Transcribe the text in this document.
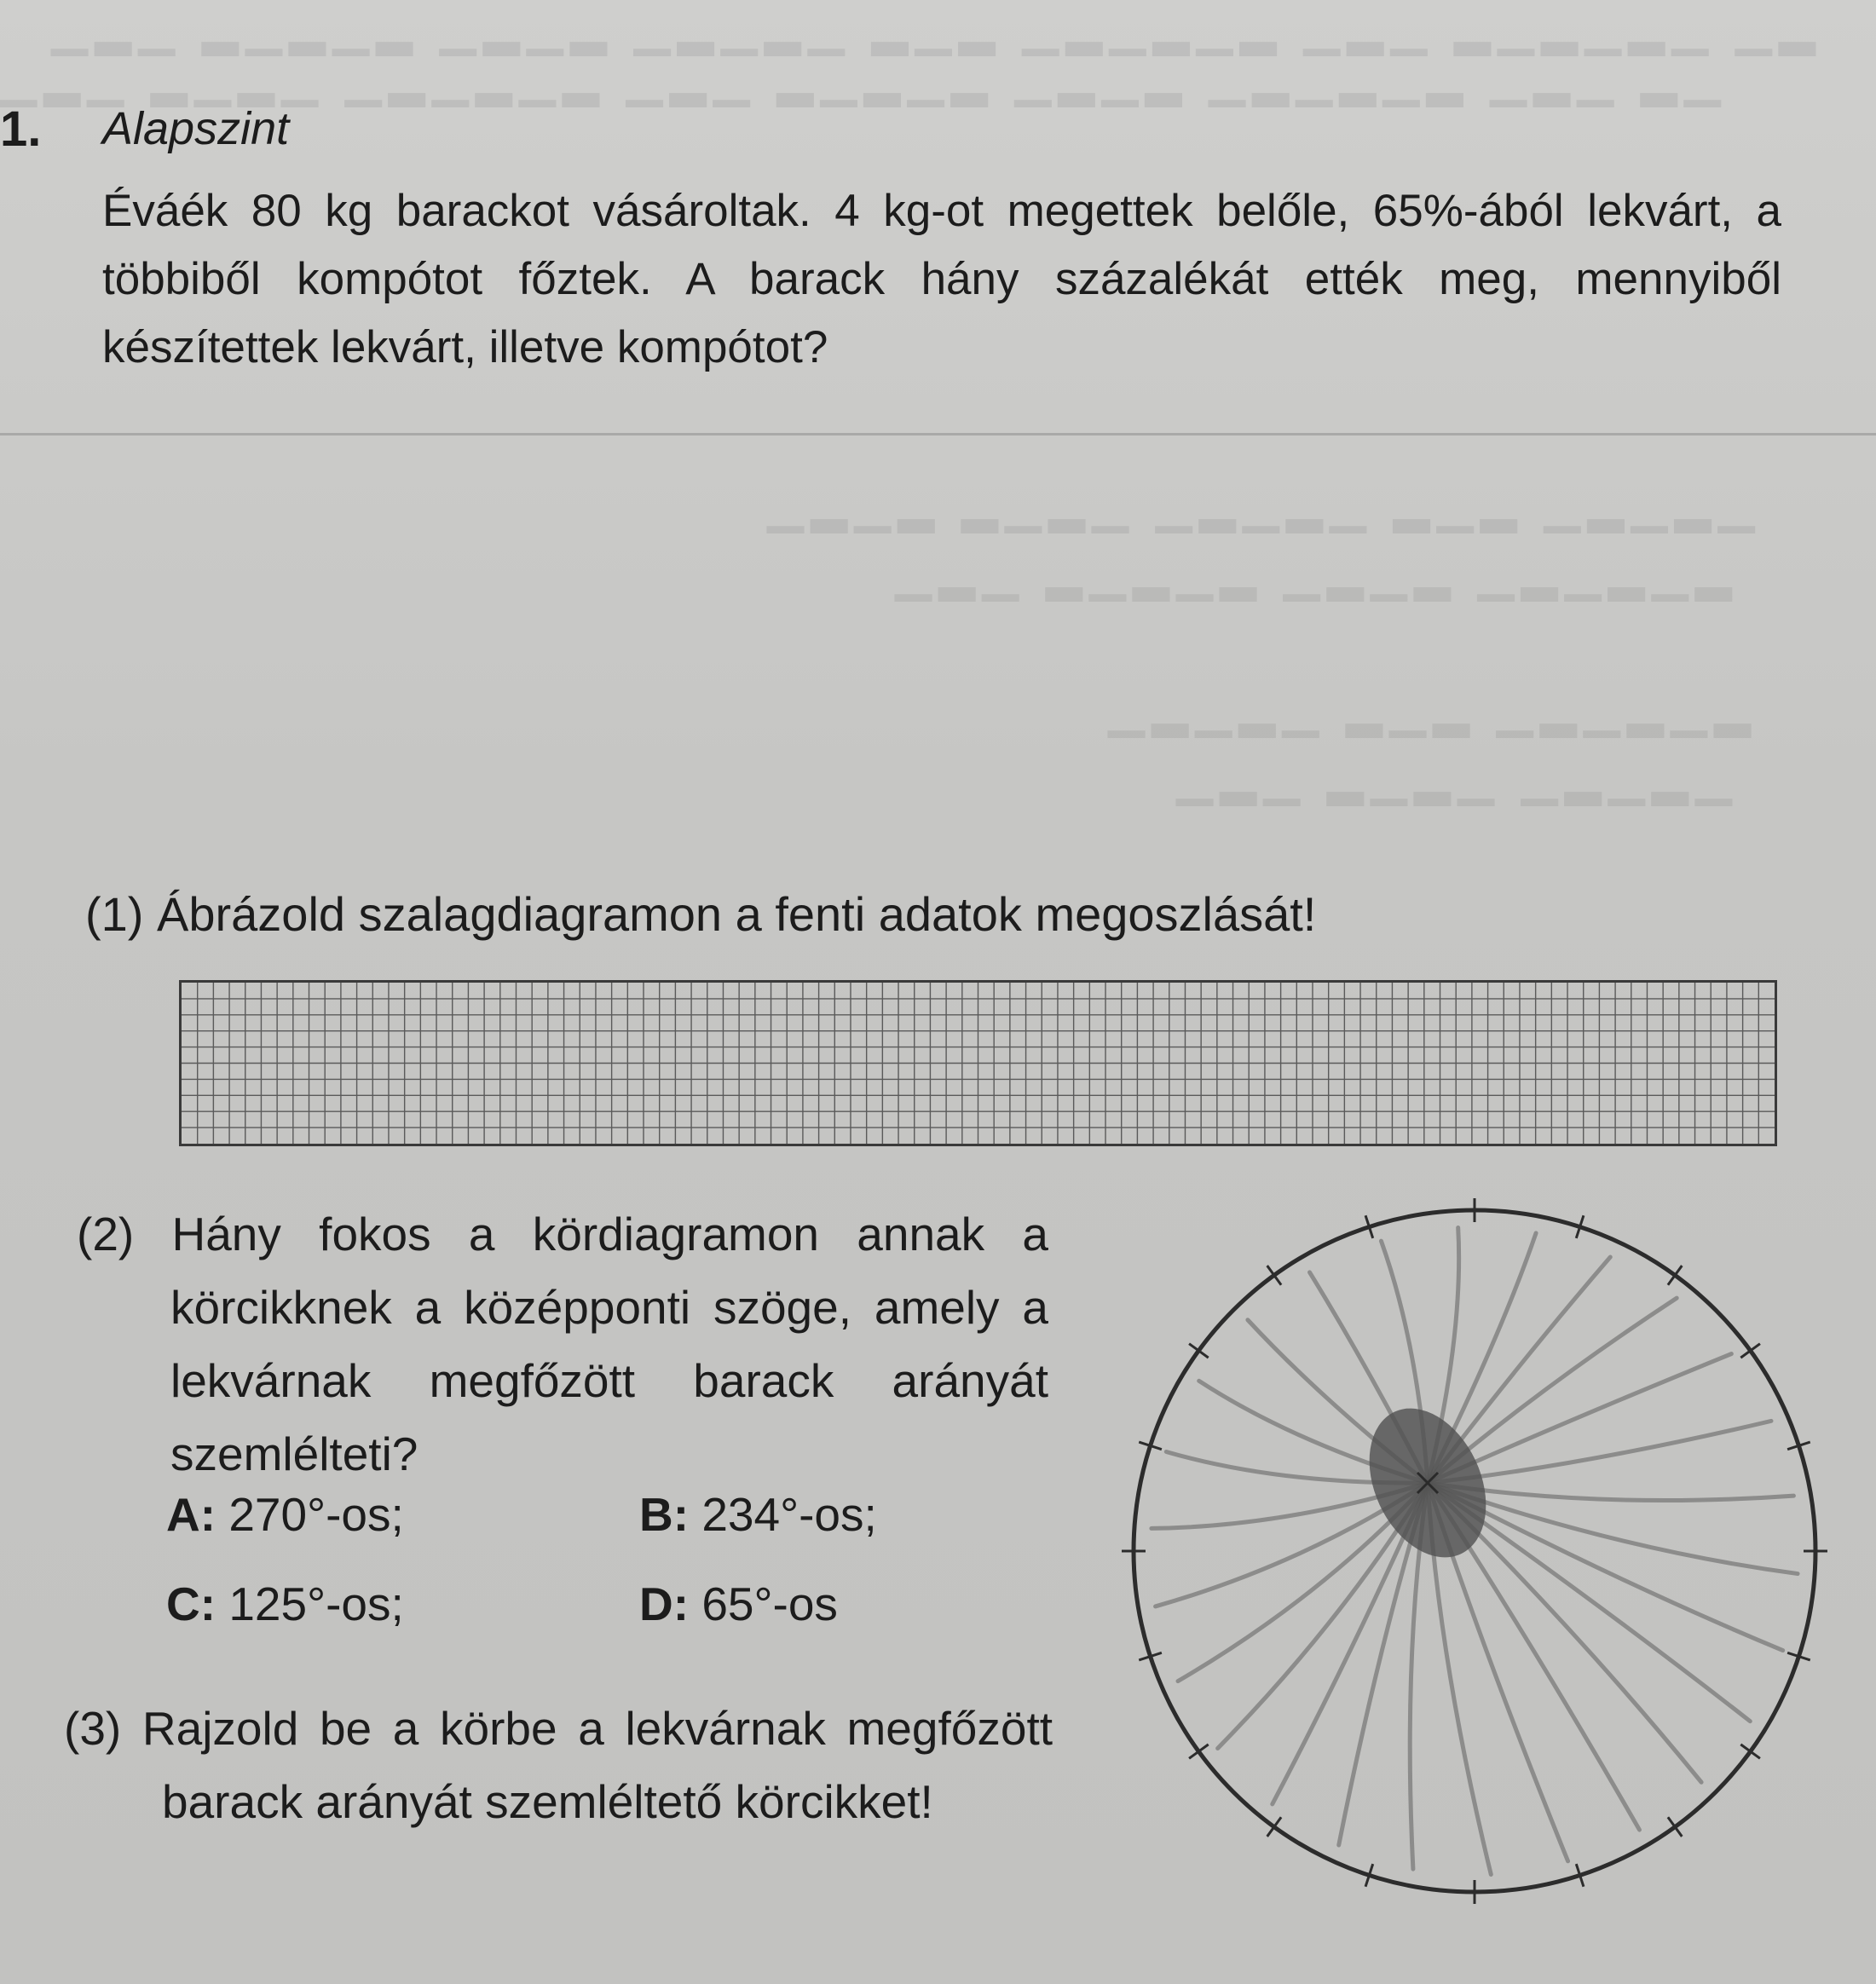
▁▂▁ ▂▁▂▁▂ ▁▂▁▂ ▁▂▁▂▁ ▂▁▂ ▁▂▁▂▁▂ ▁▂▁ ▂▁▂▁▂▁ ▁▂
▁▂▁ ▂▁▂▁ ▁▂▁▂▁▂ ▁▂▁ ▂▁▂▁▂ ▁▂▁▂ ▁▂▁▂▁▂ ▁▂▁ ▂▁
▁▂▁▂ ▂▁▂▁ ▁▂▁▂▁ ▂▁▂ ▁▂▁▂▁
▁▂▁ ▂▁▂▁▂ ▁▂▁▂ ▁▂▁▂▁▂
▁▂▁▂▁ ▂▁▂ ▁▂▁▂▁▂
▁▂▁ ▂▁▂▁ ▁▂▁▂▁
1. Alapszint
Éváék 80 kg barackot vásároltak. 4 kg-ot megettek belőle, 65%-ából lekvárt, a többiből kompótot főztek. A barack hány százalékát ették meg, mennyiből készítettek lekvárt, illetve kompótot?
(1) Ábrázold szalagdiagramon a fenti adatok megoszlását!
(2) Hány fokos a kördiagramon annak a körcikknek a középponti szöge, amely a lekvárnak megfőzött barack arányát szemlélteti?
A: 270°-os;	B: 234°-os;
C: 125°-os;	D: 65°-os
(3) Rajzold be a körbe a lekvárnak megfőzött barack arányát szemléltető körcikket!
